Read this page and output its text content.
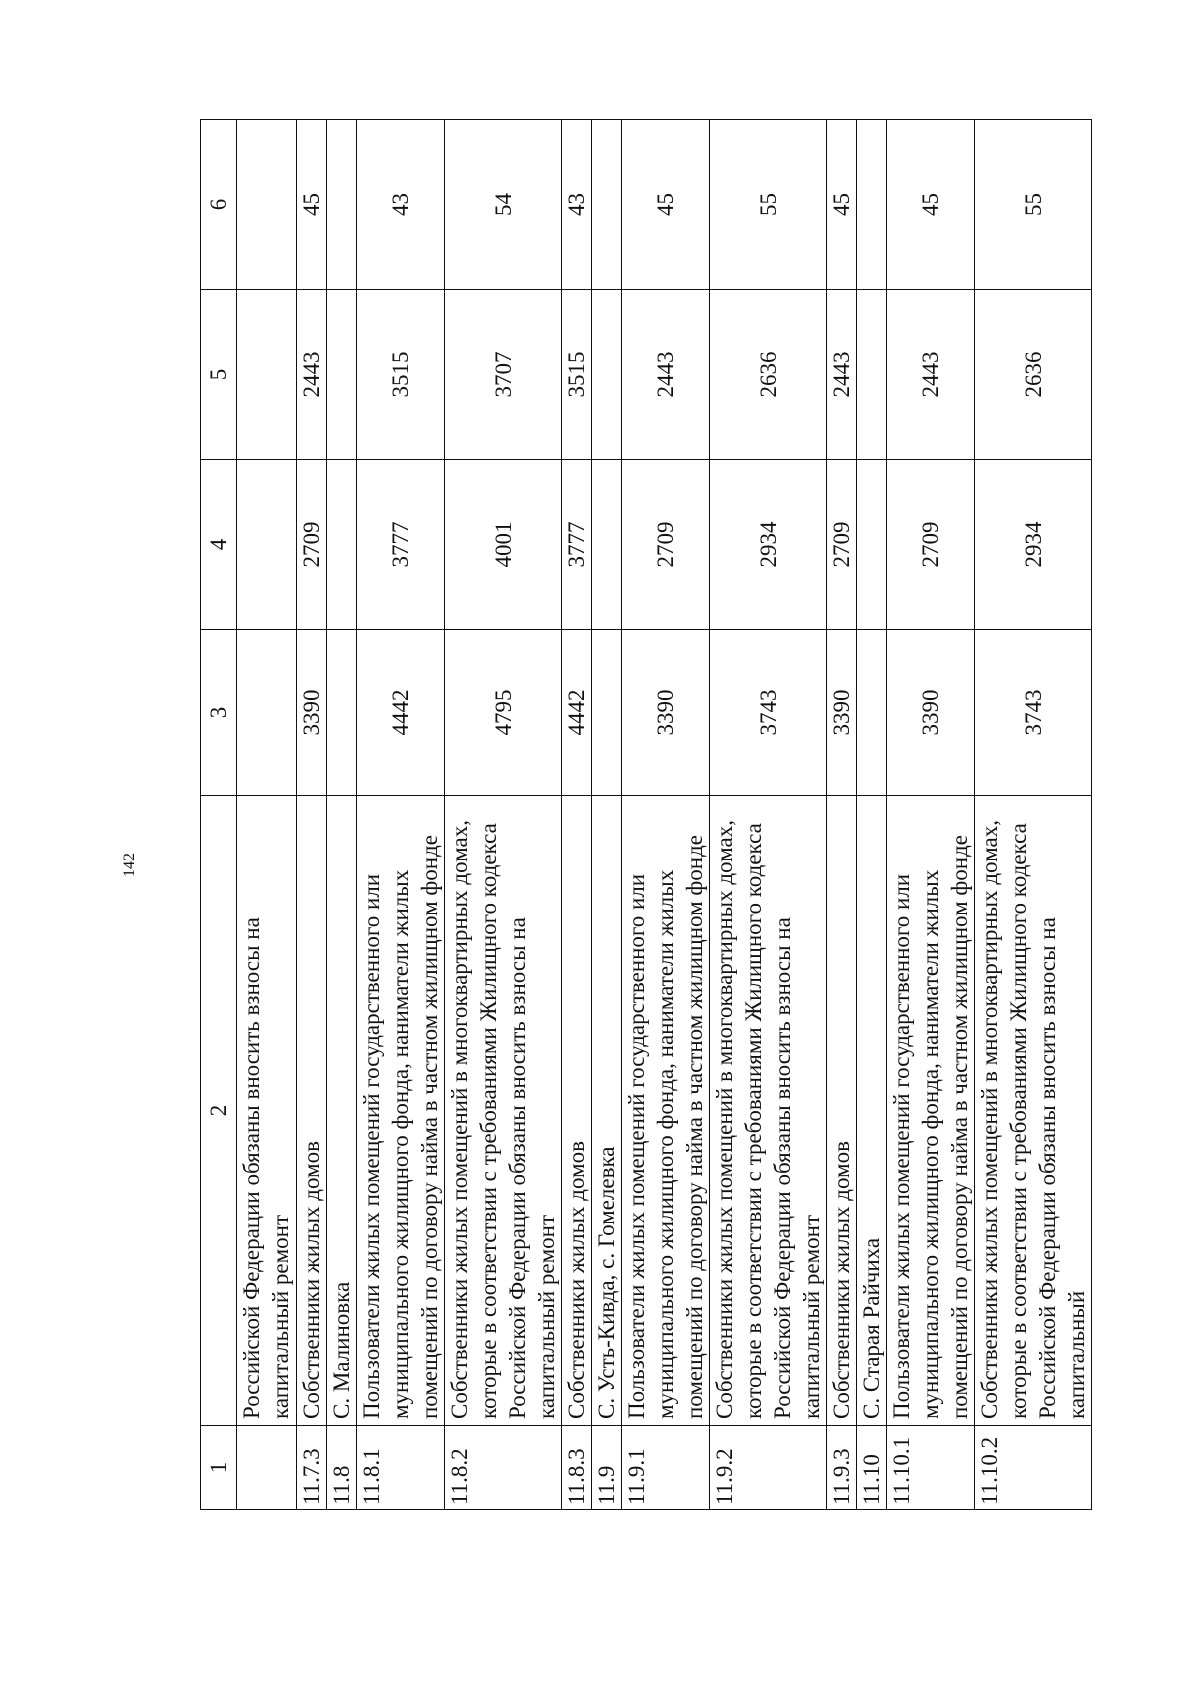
142
1	2	3	4	5	6
	Российской Федерации обязаны вносить взносы на капитальный ремонт				
11.7.3	Собственники жилых домов	3390	2709	2443	45
11.8	С. Малиновка				
11.8.1	Пользователи жилых помещений государственного или муниципального жилищного фонда, наниматели жилых помещений по договору найма в частном жилищном фонде	4442	3777	3515	43
11.8.2	Собственники жилых помещений в многоквартирных домах, которые в соответствии с требованиями Жилищного кодекса Российской Федерации обязаны вносить взносы на капитальный ремонт	4795	4001	3707	54
11.8.3	Собственники жилых домов	4442	3777	3515	43
11.9	С. Усть-Кивда, с. Гомелевка				
11.9.1	Пользователи жилых помещений государственного или муниципального жилищного фонда, наниматели жилых помещений по договору найма в частном жилищном фонде	3390	2709	2443	45
11.9.2	Собственники жилых помещений в многоквартирных домах, которые в соответствии с требованиями Жилищного кодекса Российской Федерации обязаны вносить взносы на капитальный ремонт	3743	2934	2636	55
11.9.3	Собственники жилых домов	3390	2709	2443	45
11.10	С. Старая Райчиха				
11.10.1	Пользователи жилых помещений государственного или муниципального жилищного фонда, наниматели жилых помещений по договору найма в частном жилищном фонде	3390	2709	2443	45
11.10.2	Собственники жилых помещений в многоквартирных домах, которые в соответствии с требованиями Жилищного кодекса Российской Федерации обязаны вносить взносы на капитальный	3743	2934	2636	55
